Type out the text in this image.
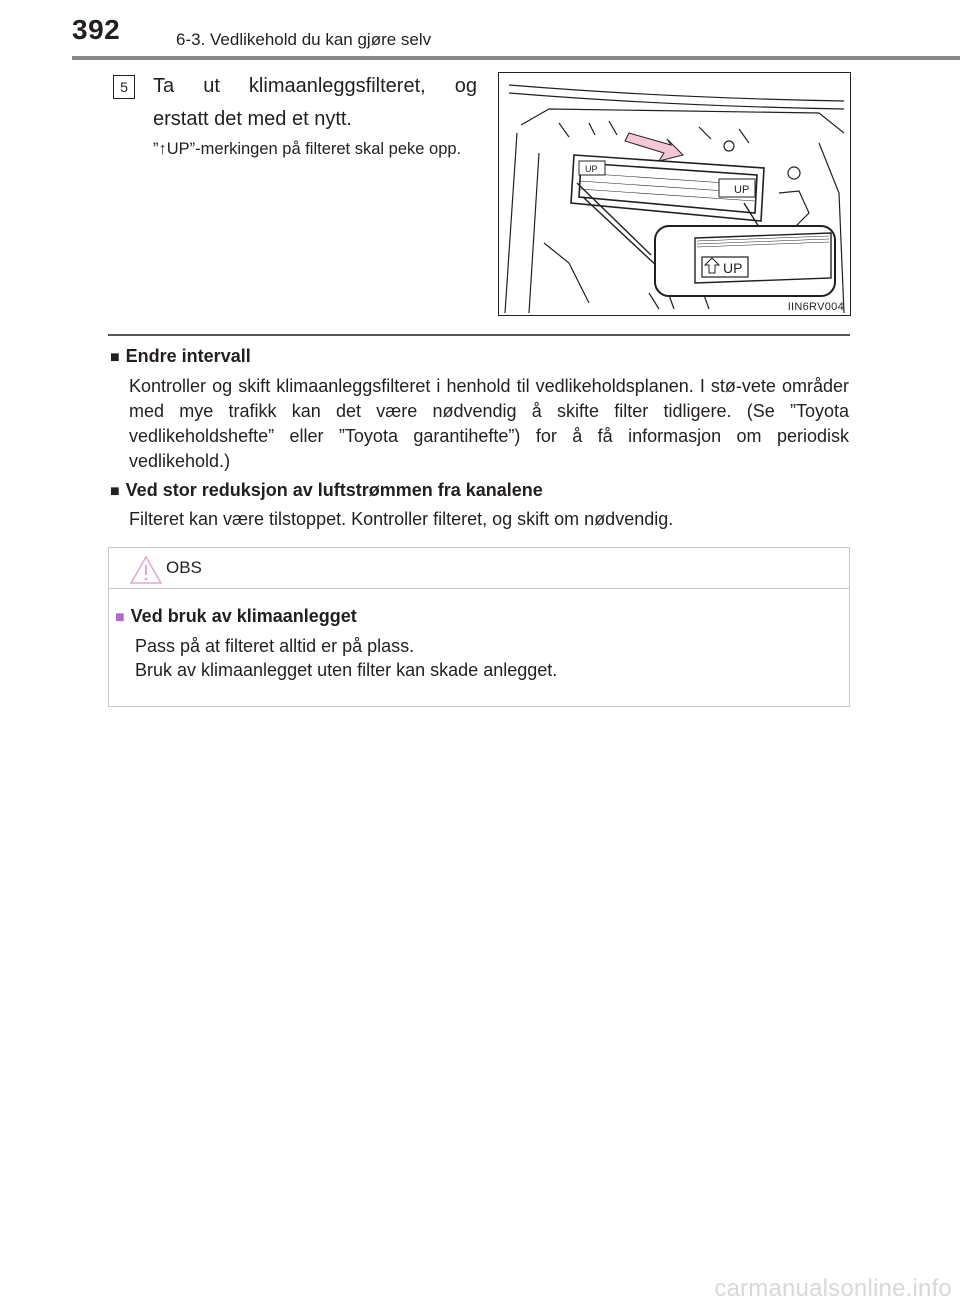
392	6-3. Vedlikehold du kan gjøre selv
5	Ta ut klimaanleggsfilteret, og
erstatt det med et nytt.
”↑UP”-merkingen på filteret skal peke opp.
UP
UP
UP
IIN6RV004
■ Endre intervall
Kontroller og skift klimaanleggsfilteret i henhold til vedlikeholdsplanen. I stø-vete områder med mye trafikk kan det være nødvendig å skifte filter tidligere. (Se ”Toyota vedlikeholdshefte” eller ”Toyota garantihefte”) for å få informasjon om periodisk vedlikehold.)
■ Ved stor reduksjon av luftstrømmen fra kanalene
Filteret kan være tilstoppet. Kontroller filteret, og skift om nødvendig.
OBS
■ Ved bruk av klimaanlegget
Pass på at filteret alltid er på plass.
Bruk av klimaanlegget uten filter kan skade anlegget.
carmanualsonline.info
